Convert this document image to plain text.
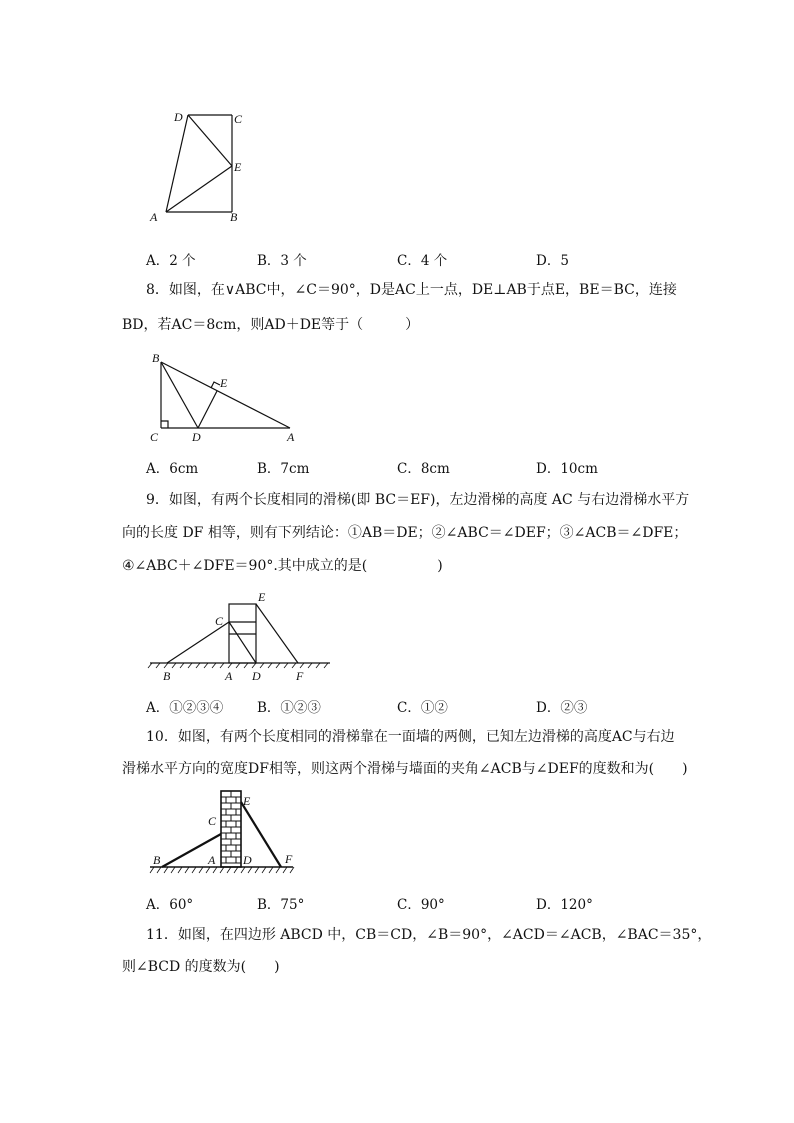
D	C
E
A	B
A．2 个	B．3 个	C．4 个	D．5
8．如图，在∨ABC中，∠C＝90°，D是AC上一点，DE⊥AB于点E，BE＝BC，连接
BD，若AC＝8cm，则AD＋DE等于（　　　）
B
E
C	D	A
A．6cm	B．7cm	C．8cm	D．10cm
9．如图，有两个长度相同的滑梯(即 BC＝EF)，左边滑梯的高度 AC 与右边滑梯水平方
向的长度 DF 相等，则有下列结论：①AB＝DE；②∠ABC＝∠DEF；③∠ACB＝∠DFE；
④∠ABC＋∠DFE＝90°.其中成立的是(　　　　　)
E
C
B	A D	F
A．①②③④	B．①②③	C．①②	D．②③
10．如图，有两个长度相同的滑梯靠在一面墙的两侧，已知左边滑梯的高度AC与右边
滑梯水平方向的宽度DF相等，则这两个滑梯与墙面的夹角∠ACB与∠DEF的度数和为(　　)
E
C
B	A D	F
A．60°	B．75°	C．90°	D．120°
11．如图，在四边形 ABCD 中，CB＝CD，∠B＝90°，∠ACD＝∠ACB，∠BAC＝35°，
则∠BCD 的度数为(　　)
